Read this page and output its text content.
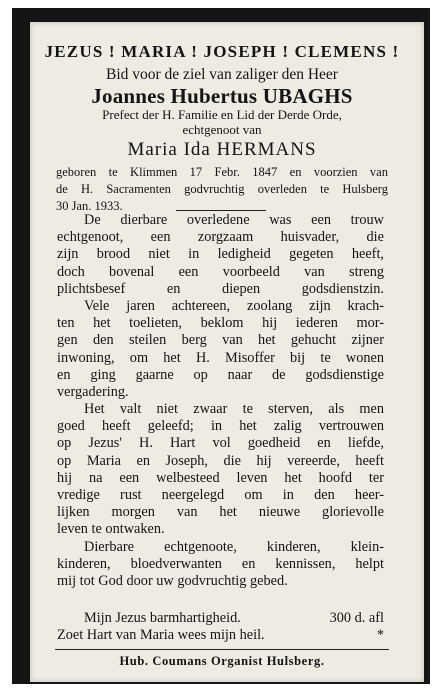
JEZUS ! MARIA ! JOSEPH ! CLEMENS !
Bid voor de ziel van zaliger den Heer
Joannes Hubertus UBAGHS
Prefect der H. Familie en Lid der Derde Orde,
echtgenoot van
Maria Ida HERMANS
geboren te Klimmen 17 Febr. 1847 en voorzien van
de H. Sacramenten godvruchtig overleden te Hulsberg
30 Jan. 1933.
De dierbare overledene was een trouw
echtgenoot, een zorgzaam huisvader, die
zijn brood niet in ledigheid gegeten heeft,
doch bovenal een voorbeeld van streng
plichtsbesef en diepen godsdienstzin.
Vele jaren achtereen, zoolang zijn krach-
ten het toelieten, beklom hij iederen mor-
gen den steilen berg van het gehucht zijner
inwoning, om het H. Misoffer bij te wonen
en ging gaarne op naar de godsdienstige
vergadering.
Het valt niet zwaar te sterven, als men
goed heeft geleefd; in het zalig vertrouwen
op Jezus' H. Hart vol goedheid en liefde,
op Maria en Joseph, die hij vereerde, heeft
hij na een welbesteed leven het hoofd ter
vredige rust neergelegd om in den heer-
lijken morgen van het nieuwe glorievolle
leven te ontwaken.
Dierbare echtgenoote, kinderen, klein-
kinderen, bloedverwanten en kennissen, helpt
mij tot God door uw godvruchtig gebed.
Mijn Jezus barmhartigheid.	300 d. afl
Zoet Hart van Maria wees mijn heil.	*
Hub. Coumans Organist Hulsberg.
